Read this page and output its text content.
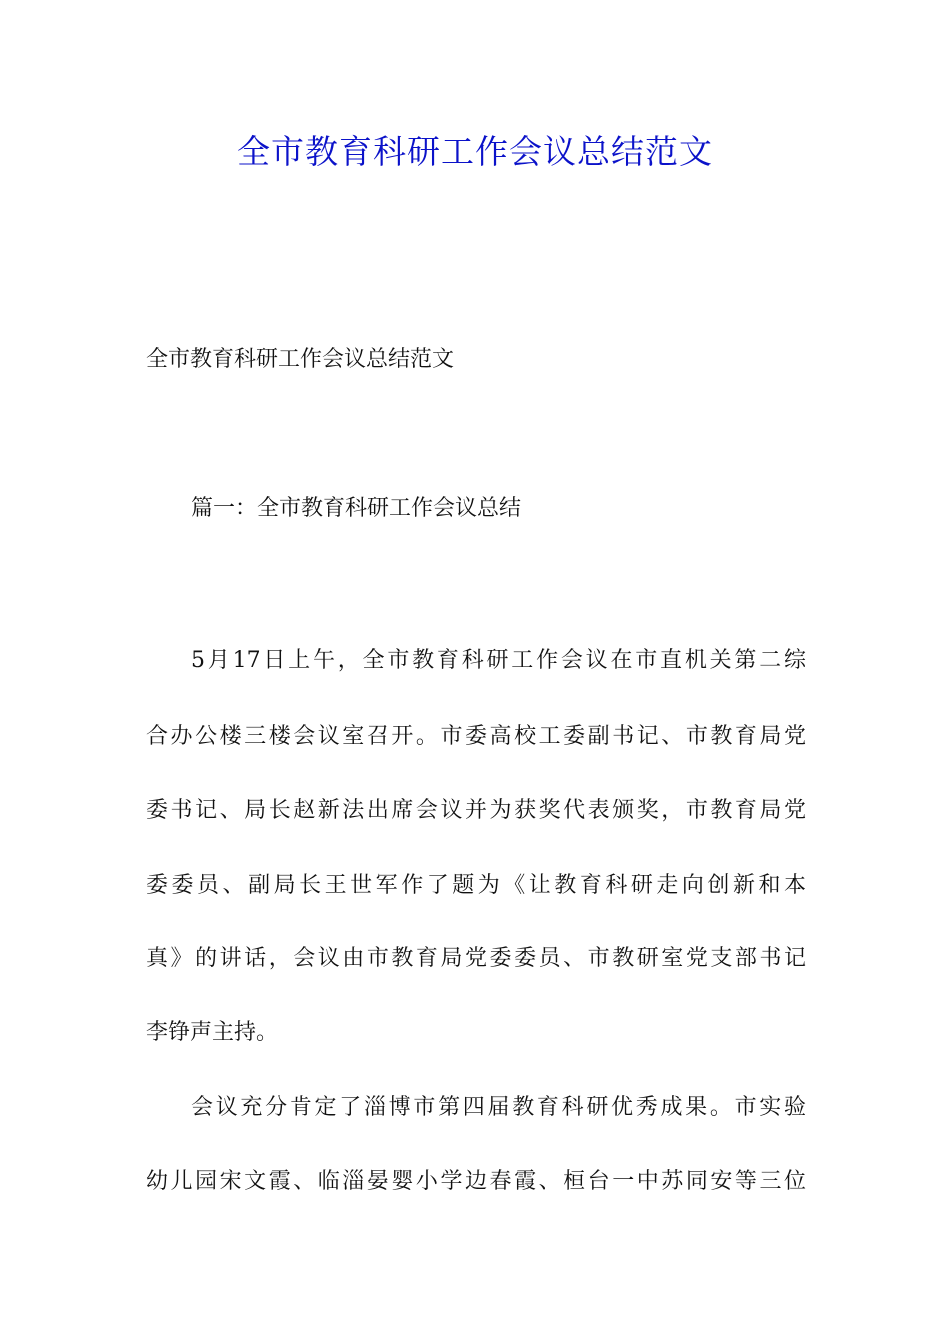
全市教育科研工作会议总结范文
全市教育科研工作会议总结范文
篇一：全市教育科研工作会议总结
5月17日上午，全市教育科研工作会议在市直机关第二综
合办公楼三楼会议室召开。市委高校工委副书记、市教育局党
委书记、局长赵新法出席会议并为获奖代表颁奖，市教育局党
委委员、副局长王世军作了题为《让教育科研走向创新和本
真》的讲话，会议由市教育局党委委员、市教研室党支部书记
李铮声主持。
会议充分肯定了淄博市第四届教育科研优秀成果。市实验
幼儿园宋文霞、临淄晏婴小学边春霞、桓台一中苏同安等三位
